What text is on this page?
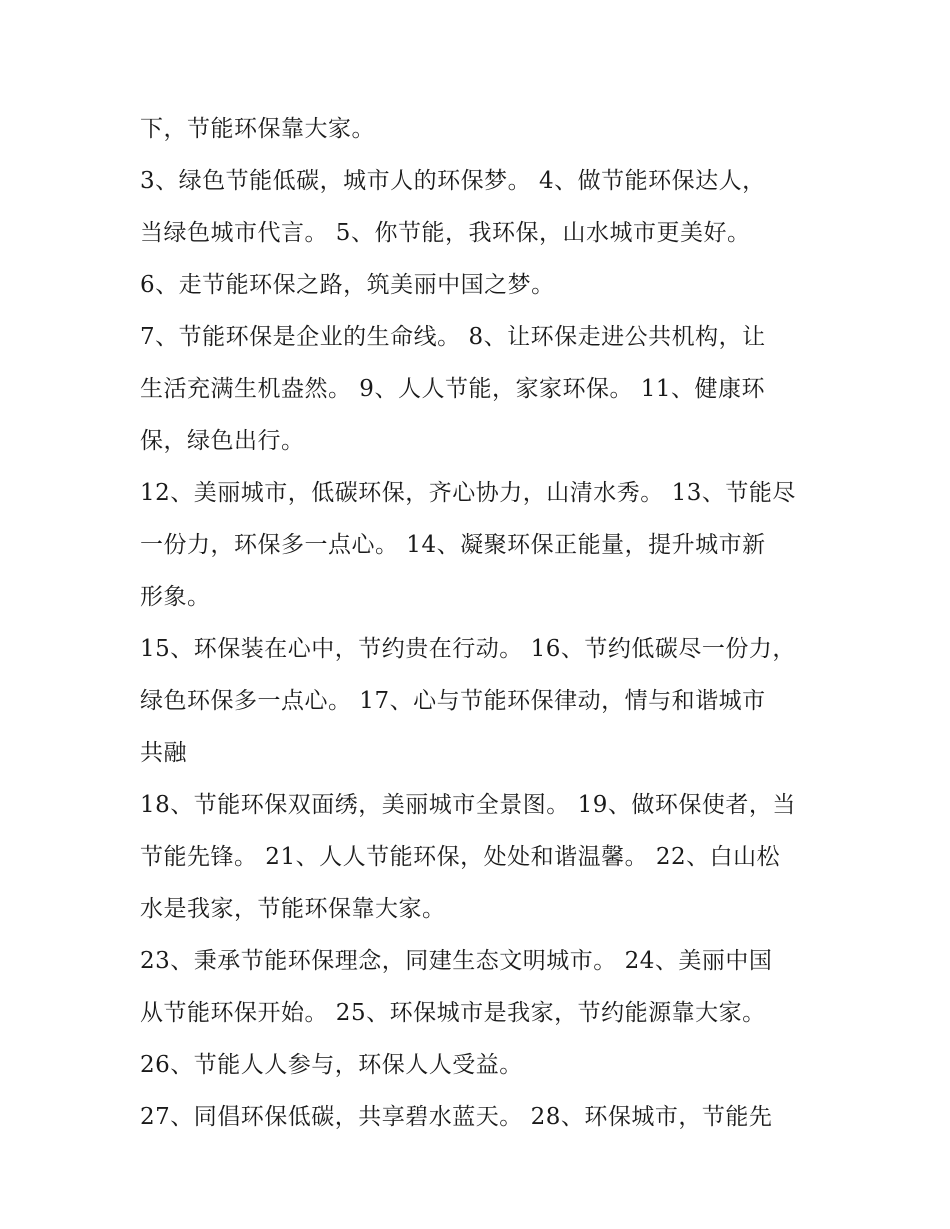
下，节能环保靠大家。
3、绿色节能低碳，城市人的环保梦。 4、做节能环保达人，
当绿色城市代言。 5、你节能，我环保，山水城市更美好。
6、走节能环保之路，筑美丽中国之梦。
7、节能环保是企业的生命线。 8、让环保走进公共机构，让
生活充满生机盎然。 9、人人节能，家家环保。 11、健康环
保，绿色出行。
12、美丽城市，低碳环保，齐心协力，山清水秀。 13、节能尽
一份力，环保多一点心。 14、凝聚环保正能量，提升城市新
形象。
15、环保装在心中，节约贵在行动。 16、节约低碳尽一份力，
绿色环保多一点心。 17、心与节能环保律动，情与和谐城市
共融
18、节能环保双面绣，美丽城市全景图。 19、做环保使者，当
节能先锋。 21、人人节能环保，处处和谐温馨。 22、白山松
水是我家，节能环保靠大家。
23、秉承节能环保理念，同建生态文明城市。 24、美丽中国
从节能环保开始。 25、环保城市是我家，节约能源靠大家。
26、节能人人参与，环保人人受益。
27、同倡环保低碳，共享碧水蓝天。 28、环保城市，节能先
